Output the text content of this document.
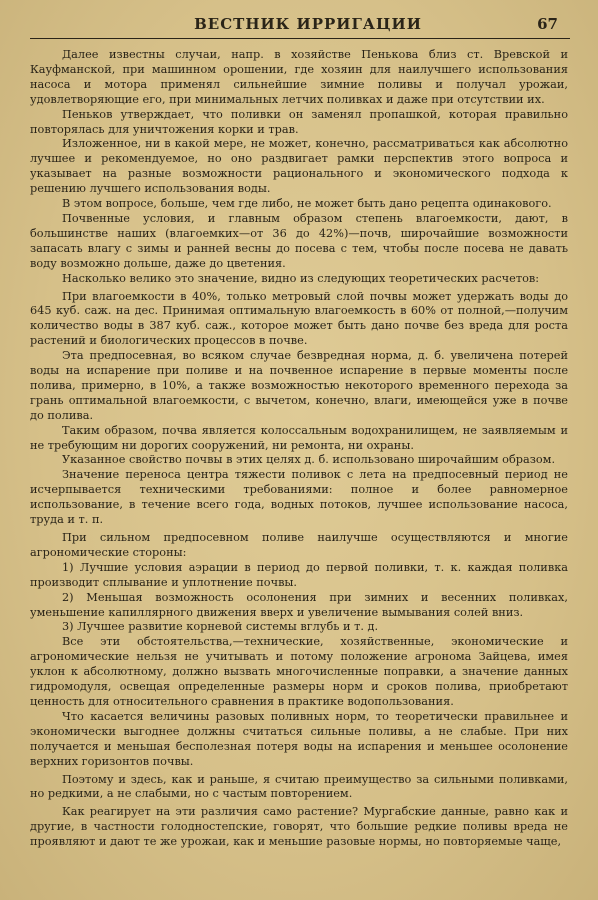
ВЕСТНИК ИРРИГАЦИИ	67

Далее известны случаи, напр. в хозяйстве Пенькова близ ст. Вревской и Кауфманской, при машинном орошении, где хозяин для наилучшего использования насоса и мотора применял сильнейшие зимние поливы и получал урожаи, удовлетворяющие его, при минимальных летчих поливках и даже при отсутствии их.

Пеньков утверждает, что поливки он заменял пропашкой, которая правильно повторялась для уничтожения корки и трав.

Изложенное, ни в какой мере, не может, конечно, рассматриваться как абсолютно лучшее и рекомендуемое, но оно раздвигает рамки перспектив этого вопроса и указывает на разные возможности рационального и экономического подхода к решению лучшего использования воды.

В этом вопросе, больше, чем где либо, не может быть дано рецепта одинакового.

Почвенные условия, и главным образом степень влагоемкости, дают, в большинстве наших (влагоемких—от 36 до 42%)—почв, широчайшие возможности запасать влагу с зимы и ранней весны до посева с тем, чтобы после посева не давать воду возможно дольше, даже до цветения.

Насколько велико это значение, видно из следующих теоретических расчетов:

При влагоемкости в 40%, только метровый слой почвы может удержать воды до 645 куб. саж. на дес. Принимая оптимальную влагоемкость в 60% от полной,—получим количество воды в 387 куб. саж., которое может быть дано почве без вреда для роста растений и биологических процессов в почве.

Эта предпосевная, во всяком случае безвредная норма, д. б. увеличена потерей воды на испарение при поливе и на почвенное испарение в первые моменты после полива, примерно, в 10%, а также возможностью некоторого временного перехода за грань оптимальной влагоемкости, с вычетом, конечно, влаги, имеющейся уже в почве до полива.

Таким образом, почва является колоссальным водохранилищем, не заявляемым и не требующим ни дорогих сооружений, ни ремонта, ни охраны.

Указанное свойство почвы в этих целях д. б. использовано широчайшим образом.

Значение переноса центра тяжести поливок с лета на предпосевный период не исчерпывается техническими требованиями: полное и более равномерное использование, в течение всего года, водных потоков, лучшее использование насоса, труда и т. п.

При сильном предпосевном поливе наилучше осуществляются и многие агрономические стороны:

1) Лучшие условия аэрации в период до первой поливки, т. к. каждая поливка производит сплывание и уплотнение почвы.

2) Меньшая возможность осолонения при зимних и весенних поливках, уменьшение капиллярного движения вверх и увеличение вымывания солей вниз.

3) Лучшее развитие корневой системы вглубь и т. д.

Все эти обстоятельства,—технические, хозяйственные, экономические и агрономические нельзя не учитывать и потому положение агронома Зайцева, имея уклон к абсолютному, должно вызвать многочисленные поправки, а значение данных гидромодуля, освещая определенные размеры норм и сроков полива, приобретают ценность для относительного сравнения в практике водопользования.

Что касается величины разовых поливных норм, то теоретически правильнее и экономически выгоднее должны считаться сильные поливы, а не слабые. При них получается и меньшая бесполезная потеря воды на испарения и меньшее осолонение верхних горизонтов почвы.

Поэтому и здесь, как и раньше, я считаю преимущество за сильными поливками, но редкими, а не слабыми, но с частым повторением.

Как реагирует на эти различия само растение? Мургабские данные, равно как и другие, в частности голодностепские, говорят, что большие редкие поливы вреда не проявляют и дают те же урожаи, как и меньшие разовые нормы, но повторяемые чаще,
